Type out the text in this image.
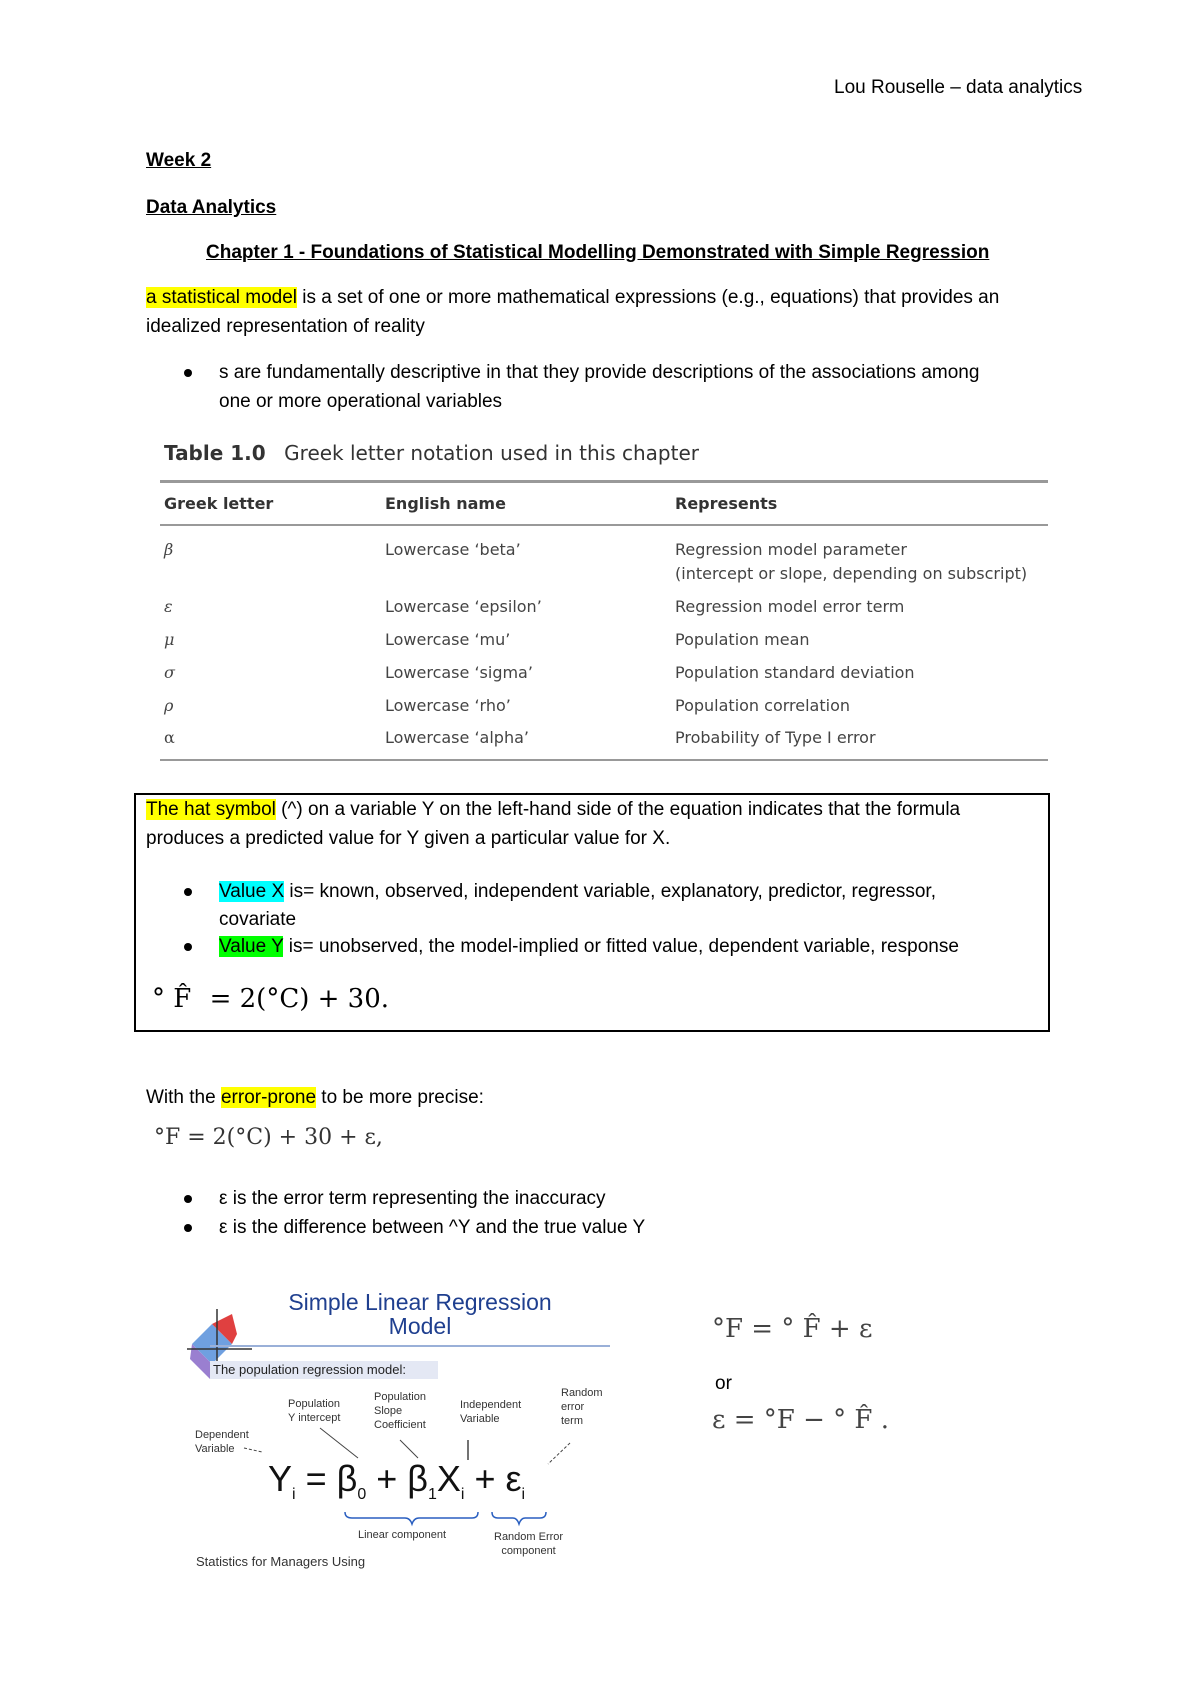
Lou Rouselle – data analytics
Week 2
Data Analytics
Chapter 1 - Foundations of Statistical Modelling Demonstrated with Simple Regression
a statistical model is a set of one or more mathematical expressions (e.g., equations) that provides an
idealized representation of reality
s are fundamentally descriptive in that they provide descriptions of the associations among
one or more operational variables
Table 1.0 Greek letter notation used in this chapter
Greek letter	English name	Represents
β	Lowercase ‘beta’	Regression model parameter
(intercept or slope, depending on subscript)
ε	Lowercase ‘epsilon’	Regression model error term
μ	Lowercase ‘mu’	Population mean
σ	Lowercase ‘sigma’	Population standard deviation
ρ	Lowercase ‘rho’	Population correlation
α	Lowercase ‘alpha’	Probability of Type I error
The hat symbol (^) on a variable Y on the left-hand side of the equation indicates that the formula
produces a predicted value for Y given a particular value for X.
Value X is= known, observed, independent variable, explanatory, predictor, regressor,
covariate
Value Y is= unobserved, the model-implied or fitted value, dependent variable, response
° F̂ = 2(°C) + 30.
With the error-prone to be more precise:
°F = 2(°C) + 30 + ε,
ε is the error term representing the inaccuracy
ε is the difference between ^Y and the true value Y
Simple Linear Regression
Model
The population regression model:
Population
Y intercept
Population
Slope
Coefficient
Independent
Variable
Random
error
term
Dependent
Variable
$Y_i = \beta_0 + \beta_1X_i + \varepsilon_i$
Linear component	Random Error
component
Statistics for Managers Using
°F = ° F̂ + ε
or
ε = °F − ° F̂ .
